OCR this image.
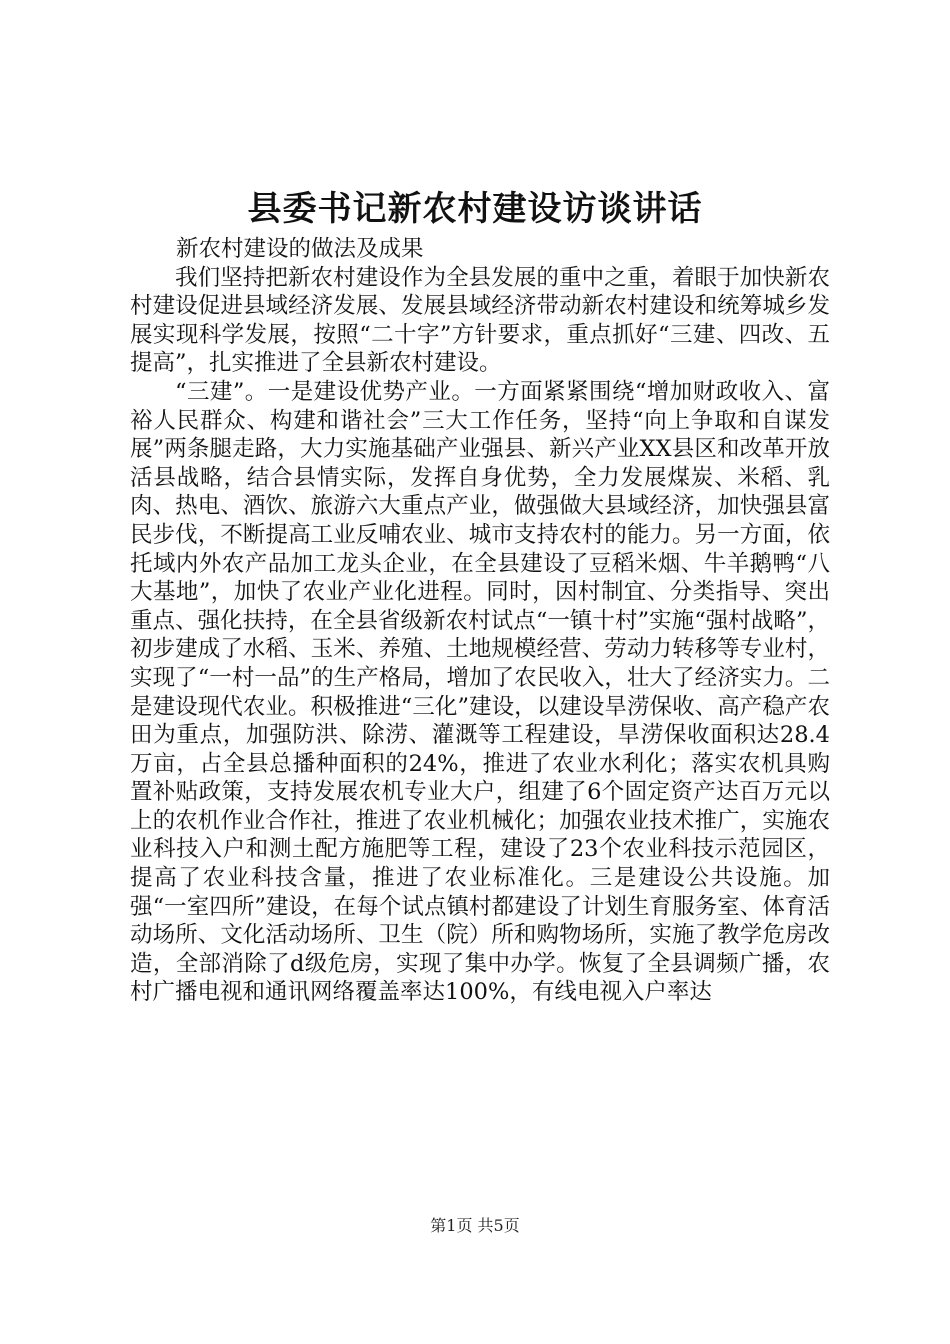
县委书记新农村建设访谈讲话

新农村建设的做法及成果

我们坚持把新农村建设作为全县发展的重中之重，着眼于加快新农村建设促进县域经济发展、发展县域经济带动新农村建设和统筹城乡发展实现科学发展，按照“二十字”方针要求，重点抓好“三建、四改、五提高”，扎实推进了全县新农村建设。

“三建”。一是建设优势产业。一方面紧紧围绕“增加财政收入、富裕人民群众、构建和谐社会”三大工作任务，坚持“向上争取和自谋发展”两条腿走路，大力实施基础产业强县、新兴产业XX县区和改革开放活县战略，结合县情实际，发挥自身优势，全力发展煤炭、米稻、乳肉、热电、酒饮、旅游六大重点产业，做强做大县域经济，加快强县富民步伐，不断提高工业反哺农业、城市支持农村的能力。另一方面，依托域内外农产品加工龙头企业，在全县建设了豆稻米烟、牛羊鹅鸭“八大基地”，加快了农业产业化进程。同时，因村制宜、分类指导、突出重点、强化扶持，在全县省级新农村试点“一镇十村”实施“强村战略”，初步建成了水稻、玉米、养殖、土地规模经营、劳动力转移等专业村，实现了“一村一品”的生产格局，增加了农民收入，壮大了经济实力。二是建设现代农业。积极推进“三化”建设，以建设旱涝保收、高产稳产农田为重点，加强防洪、除涝、灌溉等工程建设，旱涝保收面积达28.4万亩，占全县总播种面积的24%，推进了农业水利化；落实农机具购置补贴政策，支持发展农机专业大户，组建了6个固定资产达百万元以上的农机作业合作社，推进了农业机械化；加强农业技术推广，实施农业科技入户和测土配方施肥等工程，建设了23个农业科技示范园区，提高了农业科技含量，推进了农业标准化。三是建设公共设施。加强“一室四所”建设，在每个试点镇村都建设了计划生育服务室、体育活动场所、文化活动场所、卫生（院）所和购物场所，实施了教学危房改造，全部消除了d级危房，实现了集中办学。恢复了全县调频广播，农村广播电视和通讯网络覆盖率达100%，有线电视入户率达

第1页 共5页
